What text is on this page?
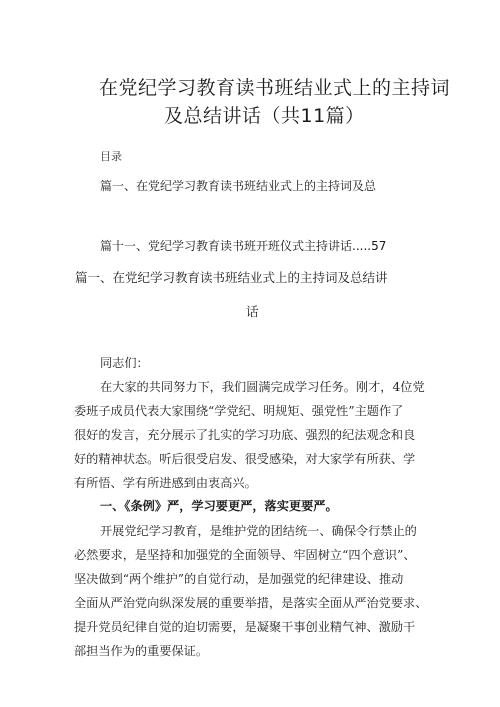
在党纪学习教育读书班结业式上的主持词
及总结讲话（共11篇）
目录
篇一、在党纪学习教育读书班结业式上的主持词及总
篇十一、党纪学习教育读书班开班仪式主持讲话.....57
篇一、在党纪学习教育读书班结业式上的主持词及总结讲
话
同志们：
在大家的共同努力下，我们圆满完成学习任务。刚才，4位党
委班子成员代表大家围绕“学党纪、明规矩、强党性”主题作了
很好的发言，充分展示了扎实的学习功底、强烈的纪法观念和良
好的精神状态。听后很受启发、很受感染，对大家学有所获、学
有所悟、学有所进感到由衷高兴。
一、《条例》严，学习要更严，落实更要严。
开展党纪学习教育，是维护党的团结统一、确保令行禁止的
必然要求，是坚持和加强党的全面领导、牢固树立“四个意识”、
坚决做到“两个维护”的自觉行动，是加强党的纪律建设、推动
全面从严治党向纵深发展的重要举措，是落实全面从严治党要求、
提升党员纪律自觉的迫切需要，是凝聚干事创业精气神、激励干
部担当作为的重要保证。
